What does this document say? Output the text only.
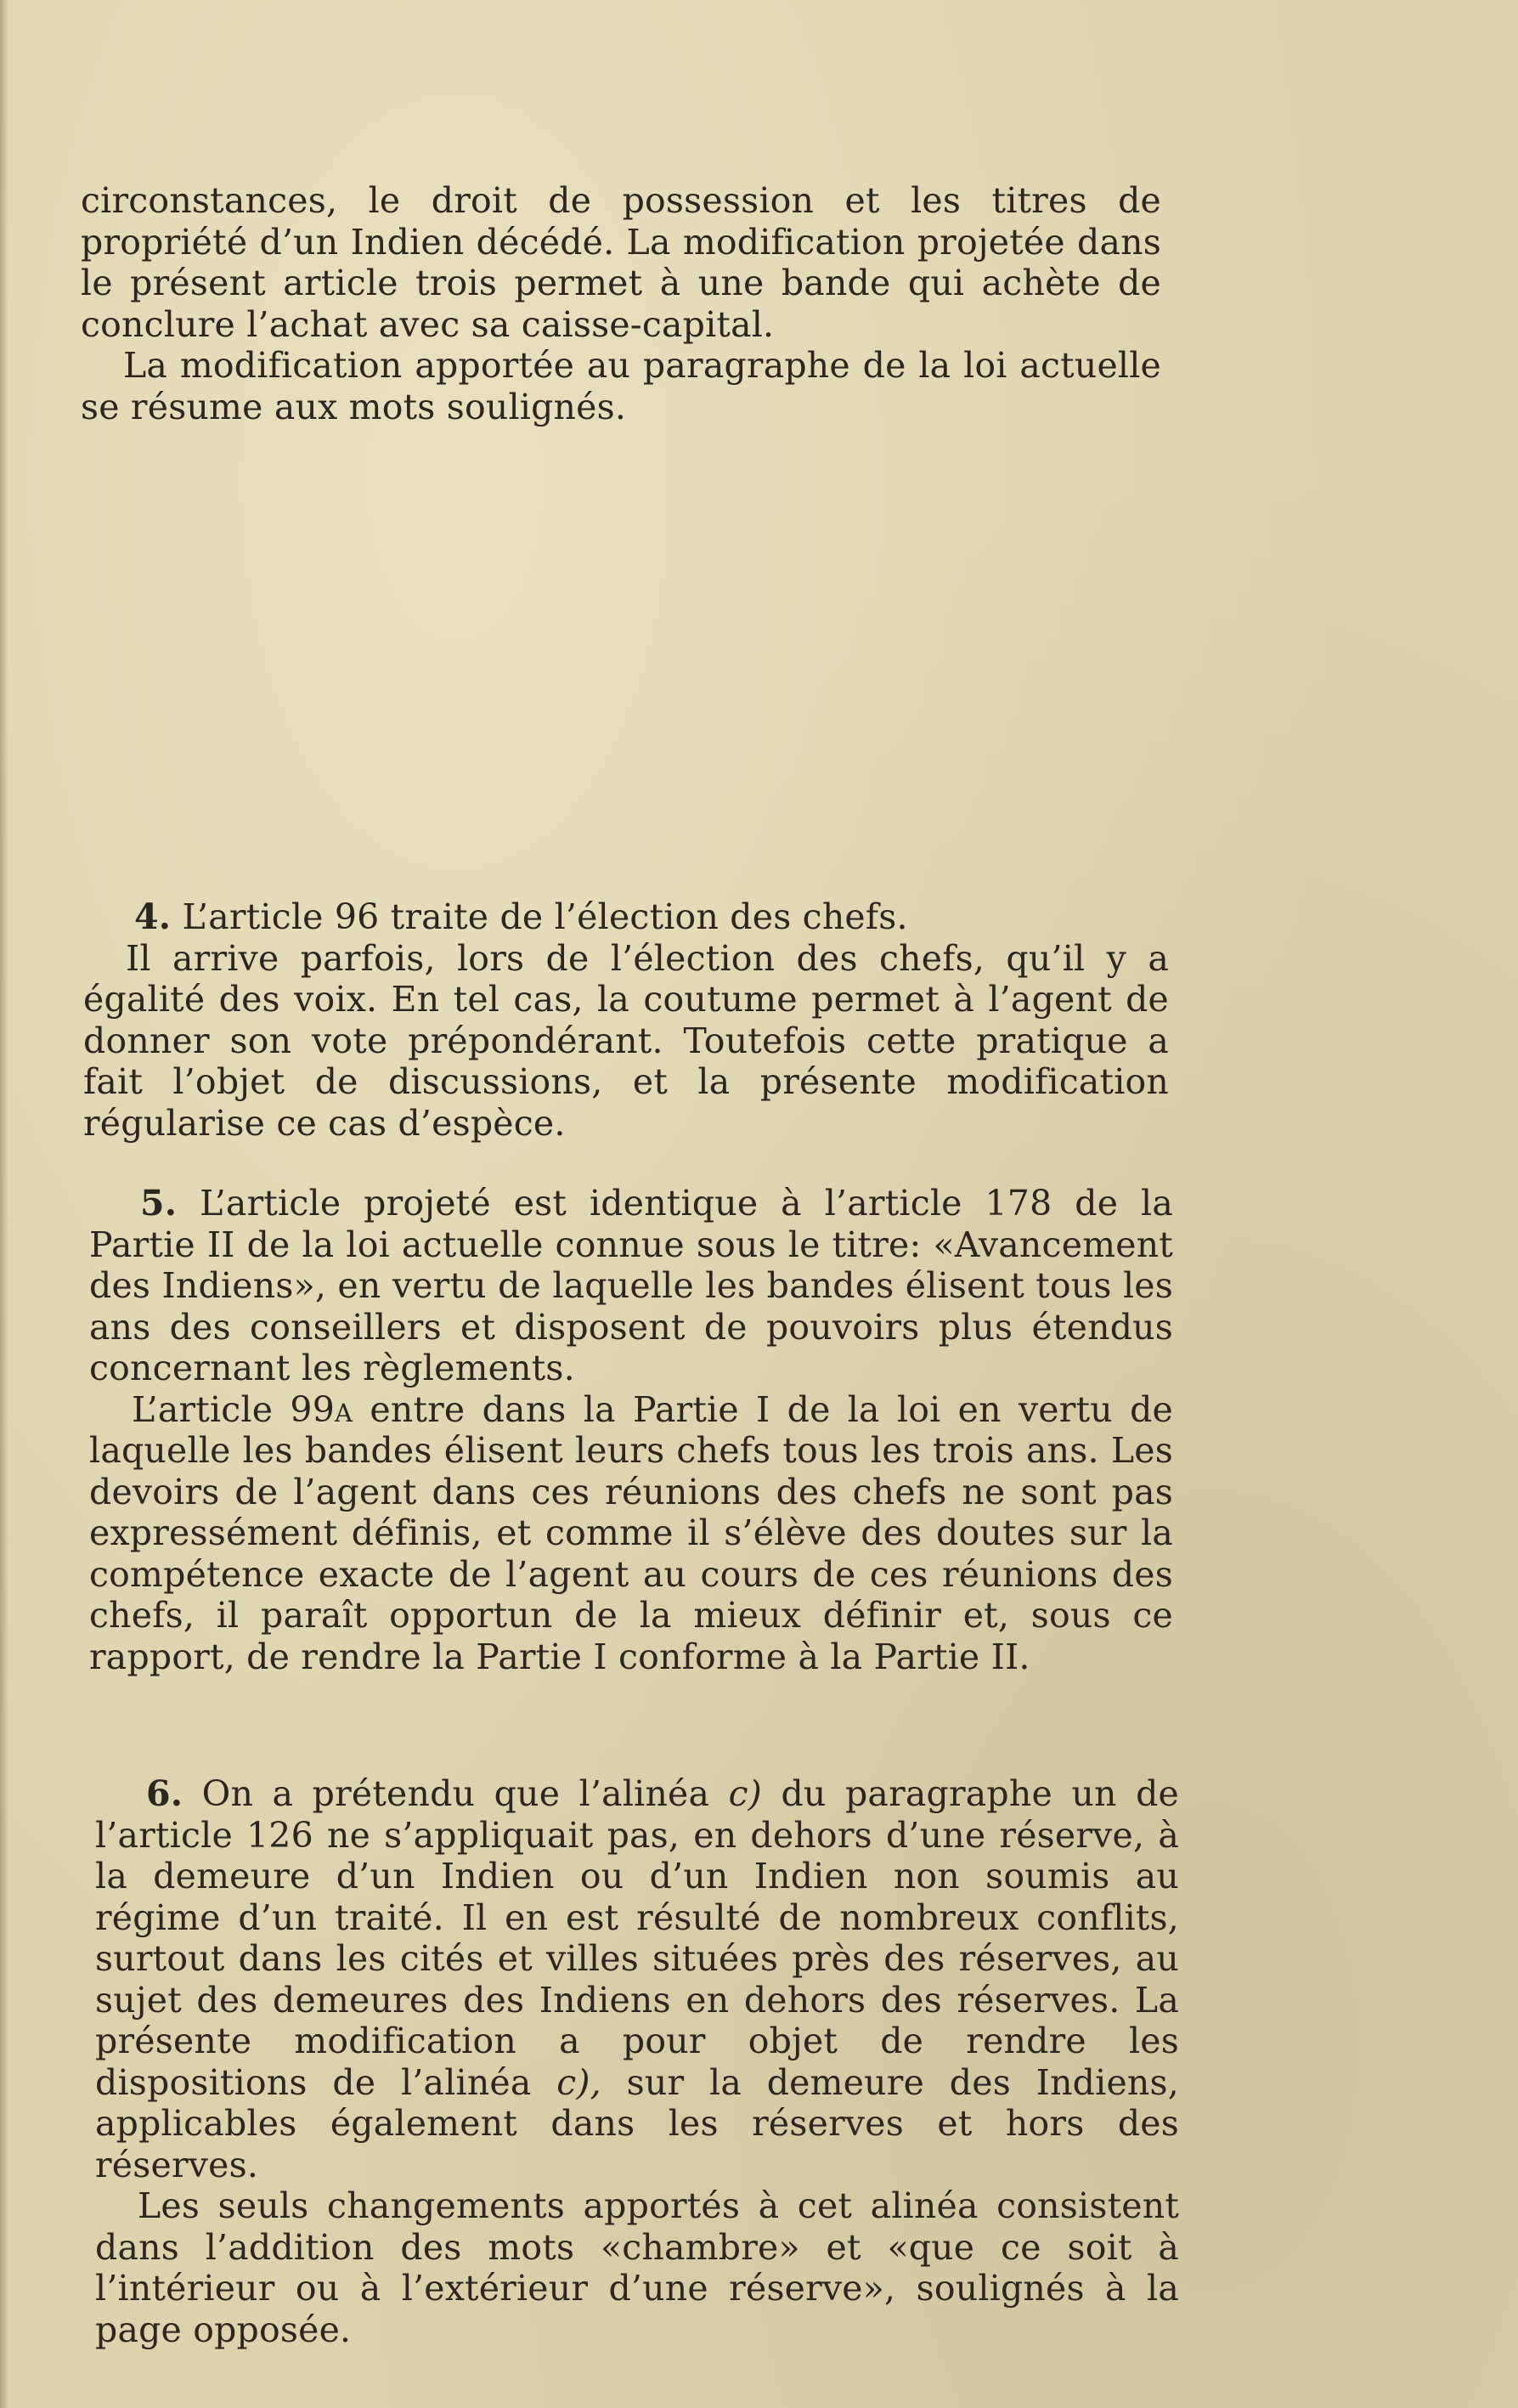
circonstances, le droit de possession et les titres de propriété d’un Indien décédé. La modification projetée dans le présent article trois permet à une bande qui achète de conclure l’achat avec sa caisse-capital.

La modification apportée au paragraphe de la loi actuelle se résume aux mots soulignés.

4. L’article 96 traite de l’élection des chefs.

Il arrive parfois, lors de l’élection des chefs, qu’il y a égalité des voix. En tel cas, la coutume permet à l’agent de donner son vote prépondérant. Toutefois cette pratique a fait l’objet de discussions, et la présente modification régularise ce cas d’espèce.

5. L’article projeté est identique à l’article 178 de la Partie II de la loi actuelle connue sous le titre: «Avancement des Indiens», en vertu de laquelle les bandes élisent tous les ans des conseillers et disposent de pouvoirs plus étendus concernant les règlements.

L’article 99a entre dans la Partie I de la loi en vertu de laquelle les bandes élisent leurs chefs tous les trois ans. Les devoirs de l’agent dans ces réunions des chefs ne sont pas expressément définis, et comme il s’élève des doutes sur la compétence exacte de l’agent au cours de ces réunions des chefs, il paraît opportun de la mieux définir et, sous ce rapport, de rendre la Partie I conforme à la Partie II.

6. On a prétendu que l’alinéa c) du paragraphe un de l’article 126 ne s’appliquait pas, en dehors d’une réserve, à la demeure d’un Indien ou d’un Indien non soumis au régime d’un traité. Il en est résulté de nombreux conflits, surtout dans les cités et villes situées près des réserves, au sujet des demeures des Indiens en dehors des réserves. La présente modification a pour objet de rendre les dispositions de l’alinéa c), sur la demeure des Indiens, applicables également dans les réserves et hors des réserves.

Les seuls changements apportés à cet alinéa consistent dans l’addition des mots «chambre» et «que ce soit à l’intérieur ou à l’extérieur d’une réserve», soulignés à la page opposée.
